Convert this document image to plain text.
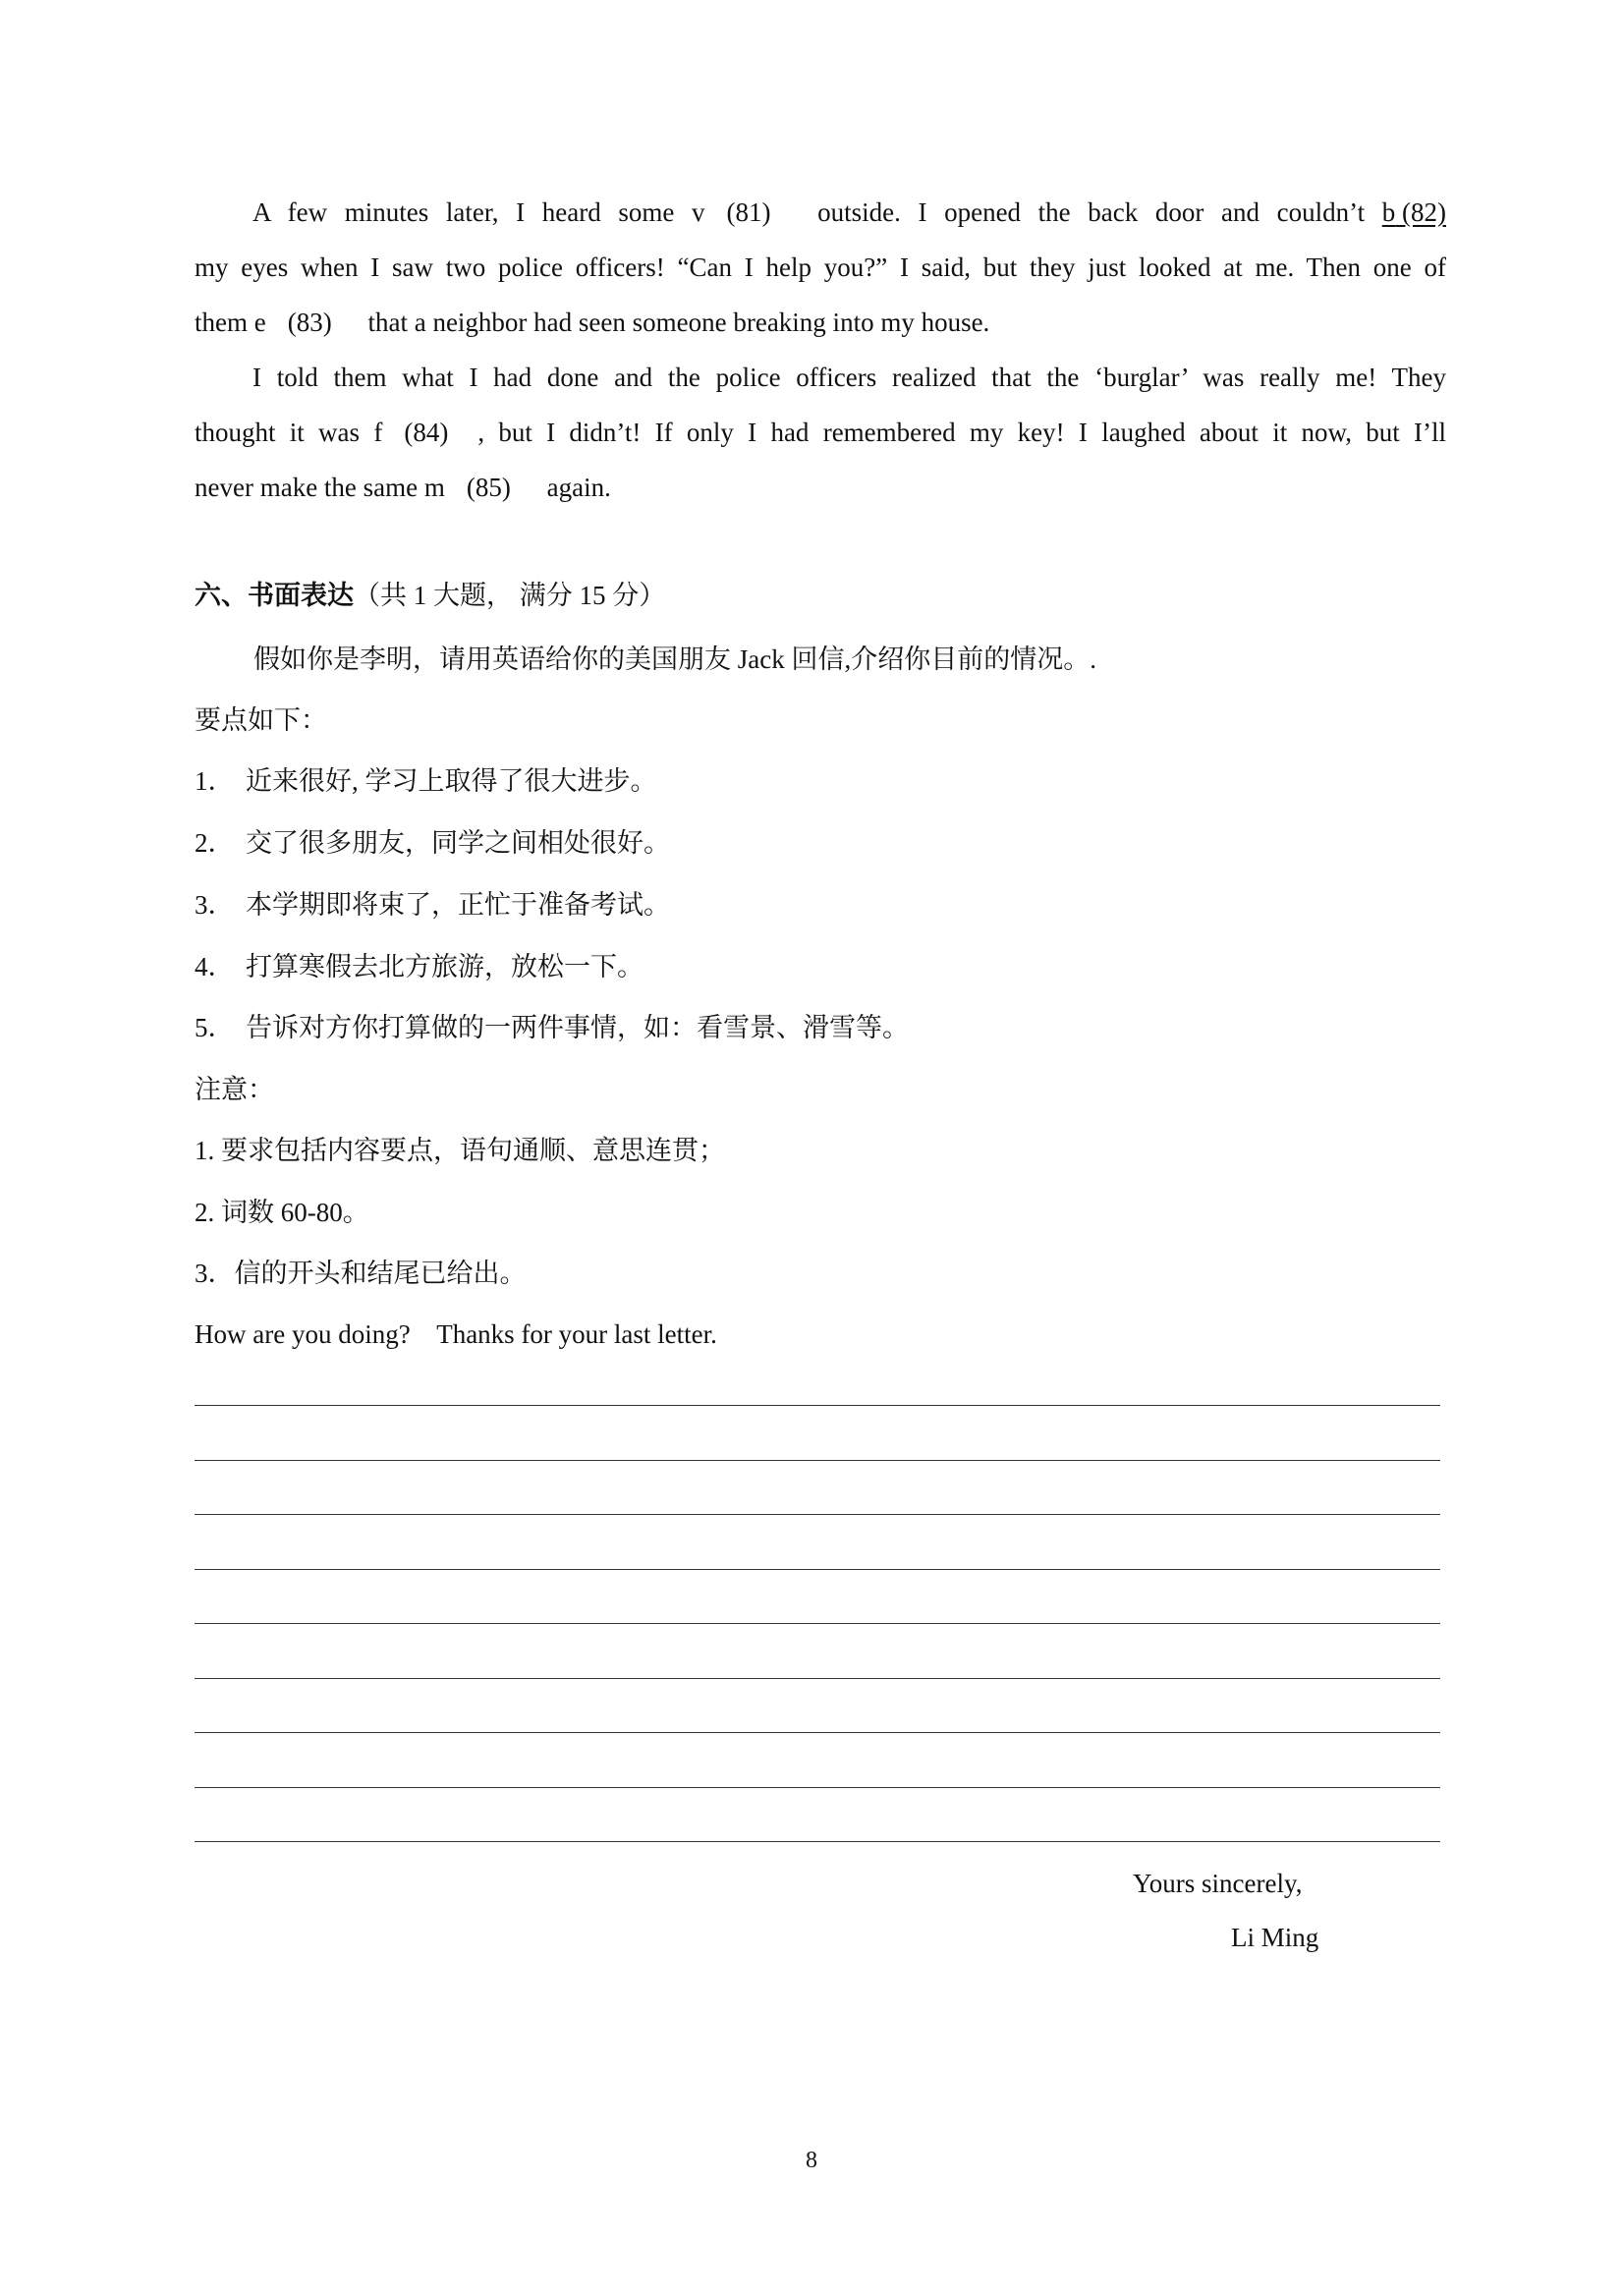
A few minutes later, I heard some v (81) outside. I opened the back door and couldn’t b (82)
my eyes when I saw two police officers! “Can I help you?” I said, but they just looked at me. Then one of
them e (83) that a neighbor had seen someone breaking into my house.
I told them what I had done and the police officers realized that the ‘burglar’ was really me! They
thought it was f (84) , but I didn’t! If only I had remembered my key! I laughed about it now, but I’ll
never make the same m (85) again.
六、书面表达（共 1 大题， 满分 15 分）
假如你是李明，请用英语给你的美国朋友 Jack 回信,介绍你目前的情况。.
要点如下：
1． 近来很好, 学习上取得了很大进步。
2． 交了很多朋友，同学之间相处很好。
3． 本学期即将束了，正忙于准备考试。
4． 打算寒假去北方旅游，放松一下。
5． 告诉对方你打算做的一两件事情，如：看雪景、滑雪等。
注意：
1. 要求包括内容要点，语句通顺、意思连贯；
2. 词数 60-80。
3．信的开头和结尾已给出。
How are you doing?    Thanks for your last letter.
Yours sincerely,
Li Ming
8
